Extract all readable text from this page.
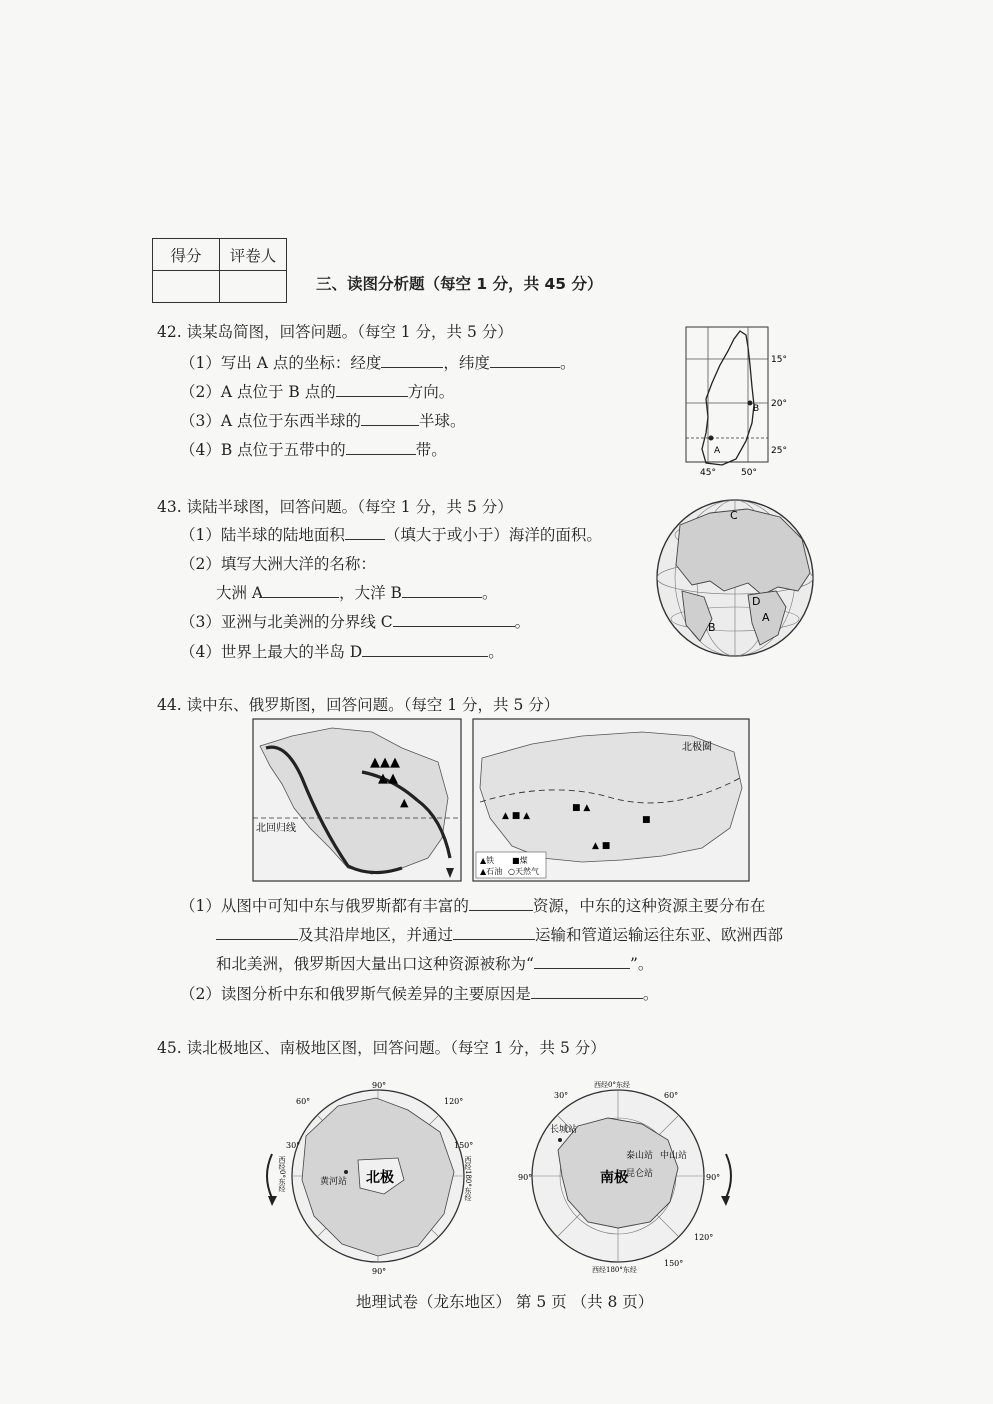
得分	评卷人

三、读图分析题（每空 1 分，共 45 分）
42. 读某岛简图，回答问题。（每空 1 分，共 5 分）
（1）写出 A 点的坐标：经度	，纬度	。
（2）A 点位于 B 点的	方向。
（3）A 点位于东西半球的	半球。
（4）B 点位于五带中的	带。	A
B
15°
20°
25°
45°	50°
43. 读陆半球图，回答问题。（每空 1 分，共 5 分）
（1）陆半球的陆地面积	（填大于或小于）海洋的面积。
（2）填写大洲大洋的名称：
大洲 A	，大洋 B	。
（3）亚洲与北美洲的分界线 C	。
（4）世界上最大的半岛 D	。
C
D
A
B
44. 读中东、俄罗斯图，回答问题。（每空 1 分，共 5 分）
北回归线
▲▲▲
▲▲
▲
北极圈
▲ ■ ▲
■ ▲
■
▲ ■
▲铁 ■煤
▲石油 ○天然气
（1）从图中可知中东与俄罗斯都有丰富的	资源，中东的这种资源主要分布在
及其沿岸地区，并通过	运输和管道运输运往东亚、欧洲西部
和北美洲，俄罗斯因大量出口这种资源被称为“	”。
（2）读图分析中东和俄罗斯气候差异的主要原因是	。
45. 读北极地区、南极地区图，回答问题。（每空 1 分，共 5 分）
北极
黄河站
90°
90°
120°
150°
60°
30°
西经0°东经	西经180°东经	南极
长城站
泰山站 中山站
昆仑站
西经0°东经
西经180°东经
30°	60°
90°
120°
150°
90°
地理试卷（龙东地区） 第 5 页 （共 8 页）
